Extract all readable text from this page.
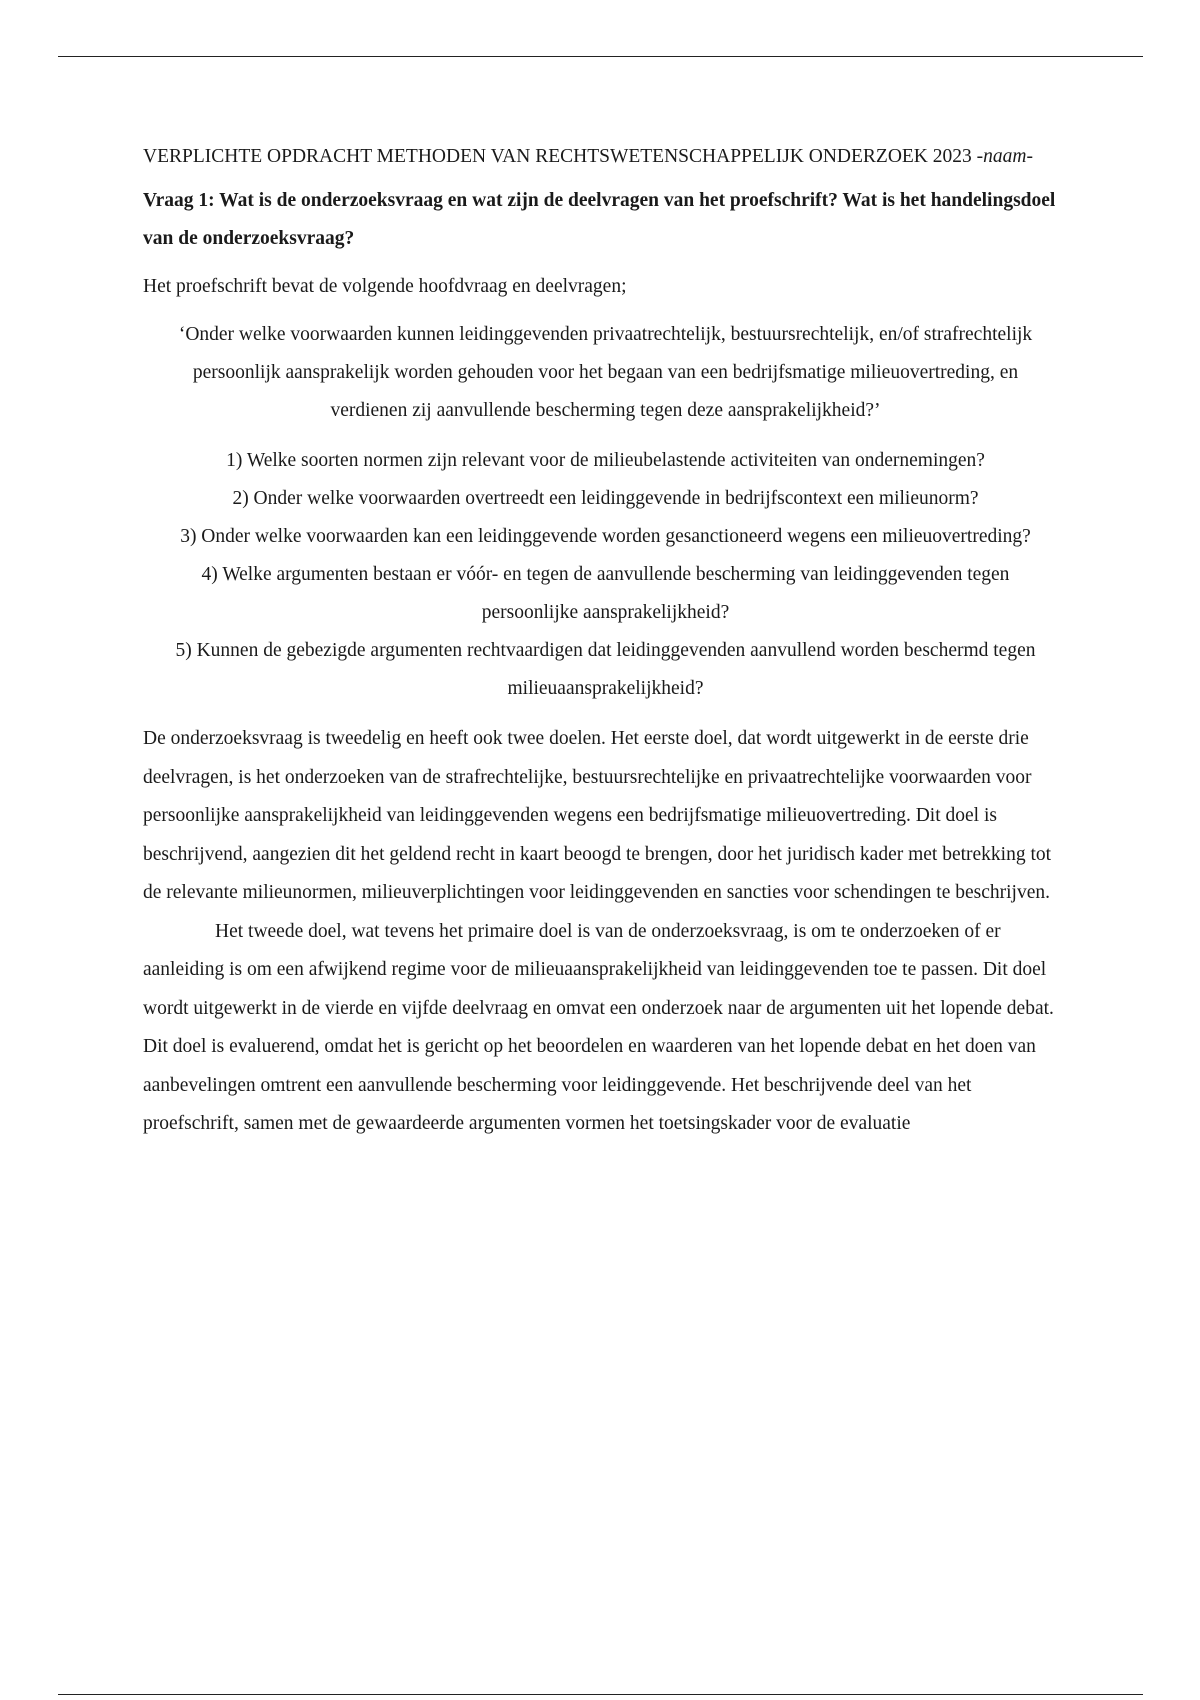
VERPLICHTE OPDRACHT METHODEN VAN RECHTSWETENSCHAPPELIJK ONDERZOEK 2023 -naam-

Vraag 1: Wat is de onderzoeksvraag en wat zijn de deelvragen van het proefschrift? Wat is het handelingsdoel van de onderzoeksvraag?

Het proefschrift bevat de volgende hoofdvraag en deelvragen;

‘Onder welke voorwaarden kunnen leidinggevenden privaatrechtelijk, bestuursrechtelijk, en/of strafrechtelijk persoonlijk aansprakelijk worden gehouden voor het begaan van een bedrijfsmatige milieuovertreding, en verdienen zij aanvullende bescherming tegen deze aansprakelijkheid?’

1) Welke soorten normen zijn relevant voor de milieubelastende activiteiten van ondernemingen?
2) Onder welke voorwaarden overtreedt een leidinggevende in bedrijfscontext een milieunorm?
3) Onder welke voorwaarden kan een leidinggevende worden gesanctioneerd wegens een milieuovertreding?
4) Welke argumenten bestaan er vóór- en tegen de aanvullende bescherming van leidinggevenden tegen persoonlijke aansprakelijkheid?
5) Kunnen de gebezigde argumenten rechtvaardigen dat leidinggevenden aanvullend worden beschermd tegen milieuaansprakelijkheid?

De onderzoeksvraag is tweedelig en heeft ook twee doelen. Het eerste doel, dat wordt uitgewerkt in de eerste drie deelvragen, is het onderzoeken van de strafrechtelijke, bestuursrechtelijke en privaatrechtelijke voorwaarden voor persoonlijke aansprakelijkheid van leidinggevenden wegens een bedrijfsmatige milieuovertreding. Dit doel is beschrijvend, aangezien dit het geldend recht in kaart beoogd te brengen, door het juridisch kader met betrekking tot de relevante milieunormen, milieuverplichtingen voor leidinggevenden en sancties voor schendingen te beschrijven.

Het tweede doel, wat tevens het primaire doel is van de onderzoeksvraag, is om te onderzoeken of er aanleiding is om een afwijkend regime voor de milieuaansprakelijkheid van leidinggevenden toe te passen. Dit doel wordt uitgewerkt in de vierde en vijfde deelvraag en omvat een onderzoek naar de argumenten uit het lopende debat. Dit doel is evaluerend, omdat het is gericht op het beoordelen en waarderen van het lopende debat en het doen van aanbevelingen omtrent een aanvullende bescherming voor leidinggevende. Het beschrijvende deel van het proefschrift, samen met de gewaardeerde argumenten vormen het toetsingskader voor de evaluatie
